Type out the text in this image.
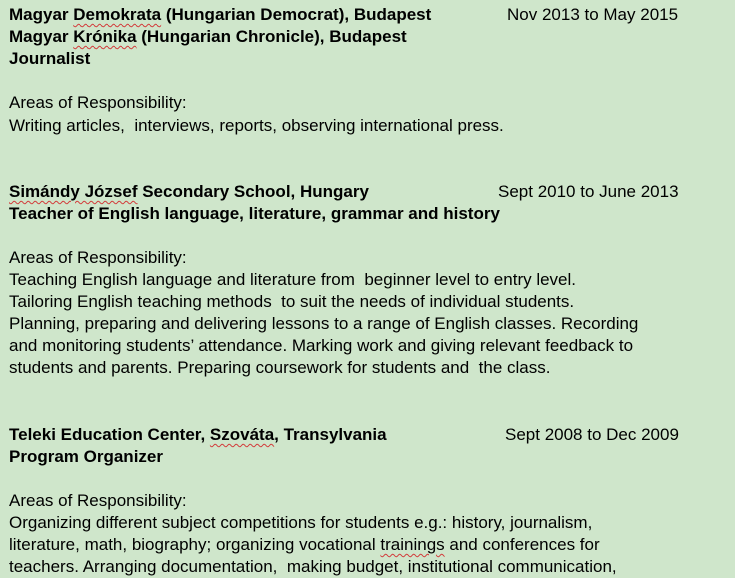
Magyar Demokrata (Hungarian Democrat), Budapest	Nov 2013 to May 2015
Magyar Krónika (Hungarian Chronicle), Budapest
Journalist
Areas of Responsibility:
Writing articles,  interviews, reports, observing international press.
Simándy József Secondary School, Hungary	Sept 2010 to June 2013
Teacher of English language, literature, grammar and history
Areas of Responsibility:
Teaching English language and literature from  beginner level to entry level.
Tailoring English teaching methods  to suit the needs of individual students.
Planning, preparing and delivering lessons to a range of English classes. Recording
and monitoring students’ attendance. Marking work and giving relevant feedback to
students and parents. Preparing coursework for students and  the class.
Teleki Education Center, Szováta, Transylvania	Sept 2008 to Dec 2009
Program Organizer
Areas of Responsibility:
Organizing different subject competitions for students e.g.: history, journalism,
literature, math, biography; organizing vocational trainings and conferences for
teachers. Arranging documentation,  making budget, institutional communication,
